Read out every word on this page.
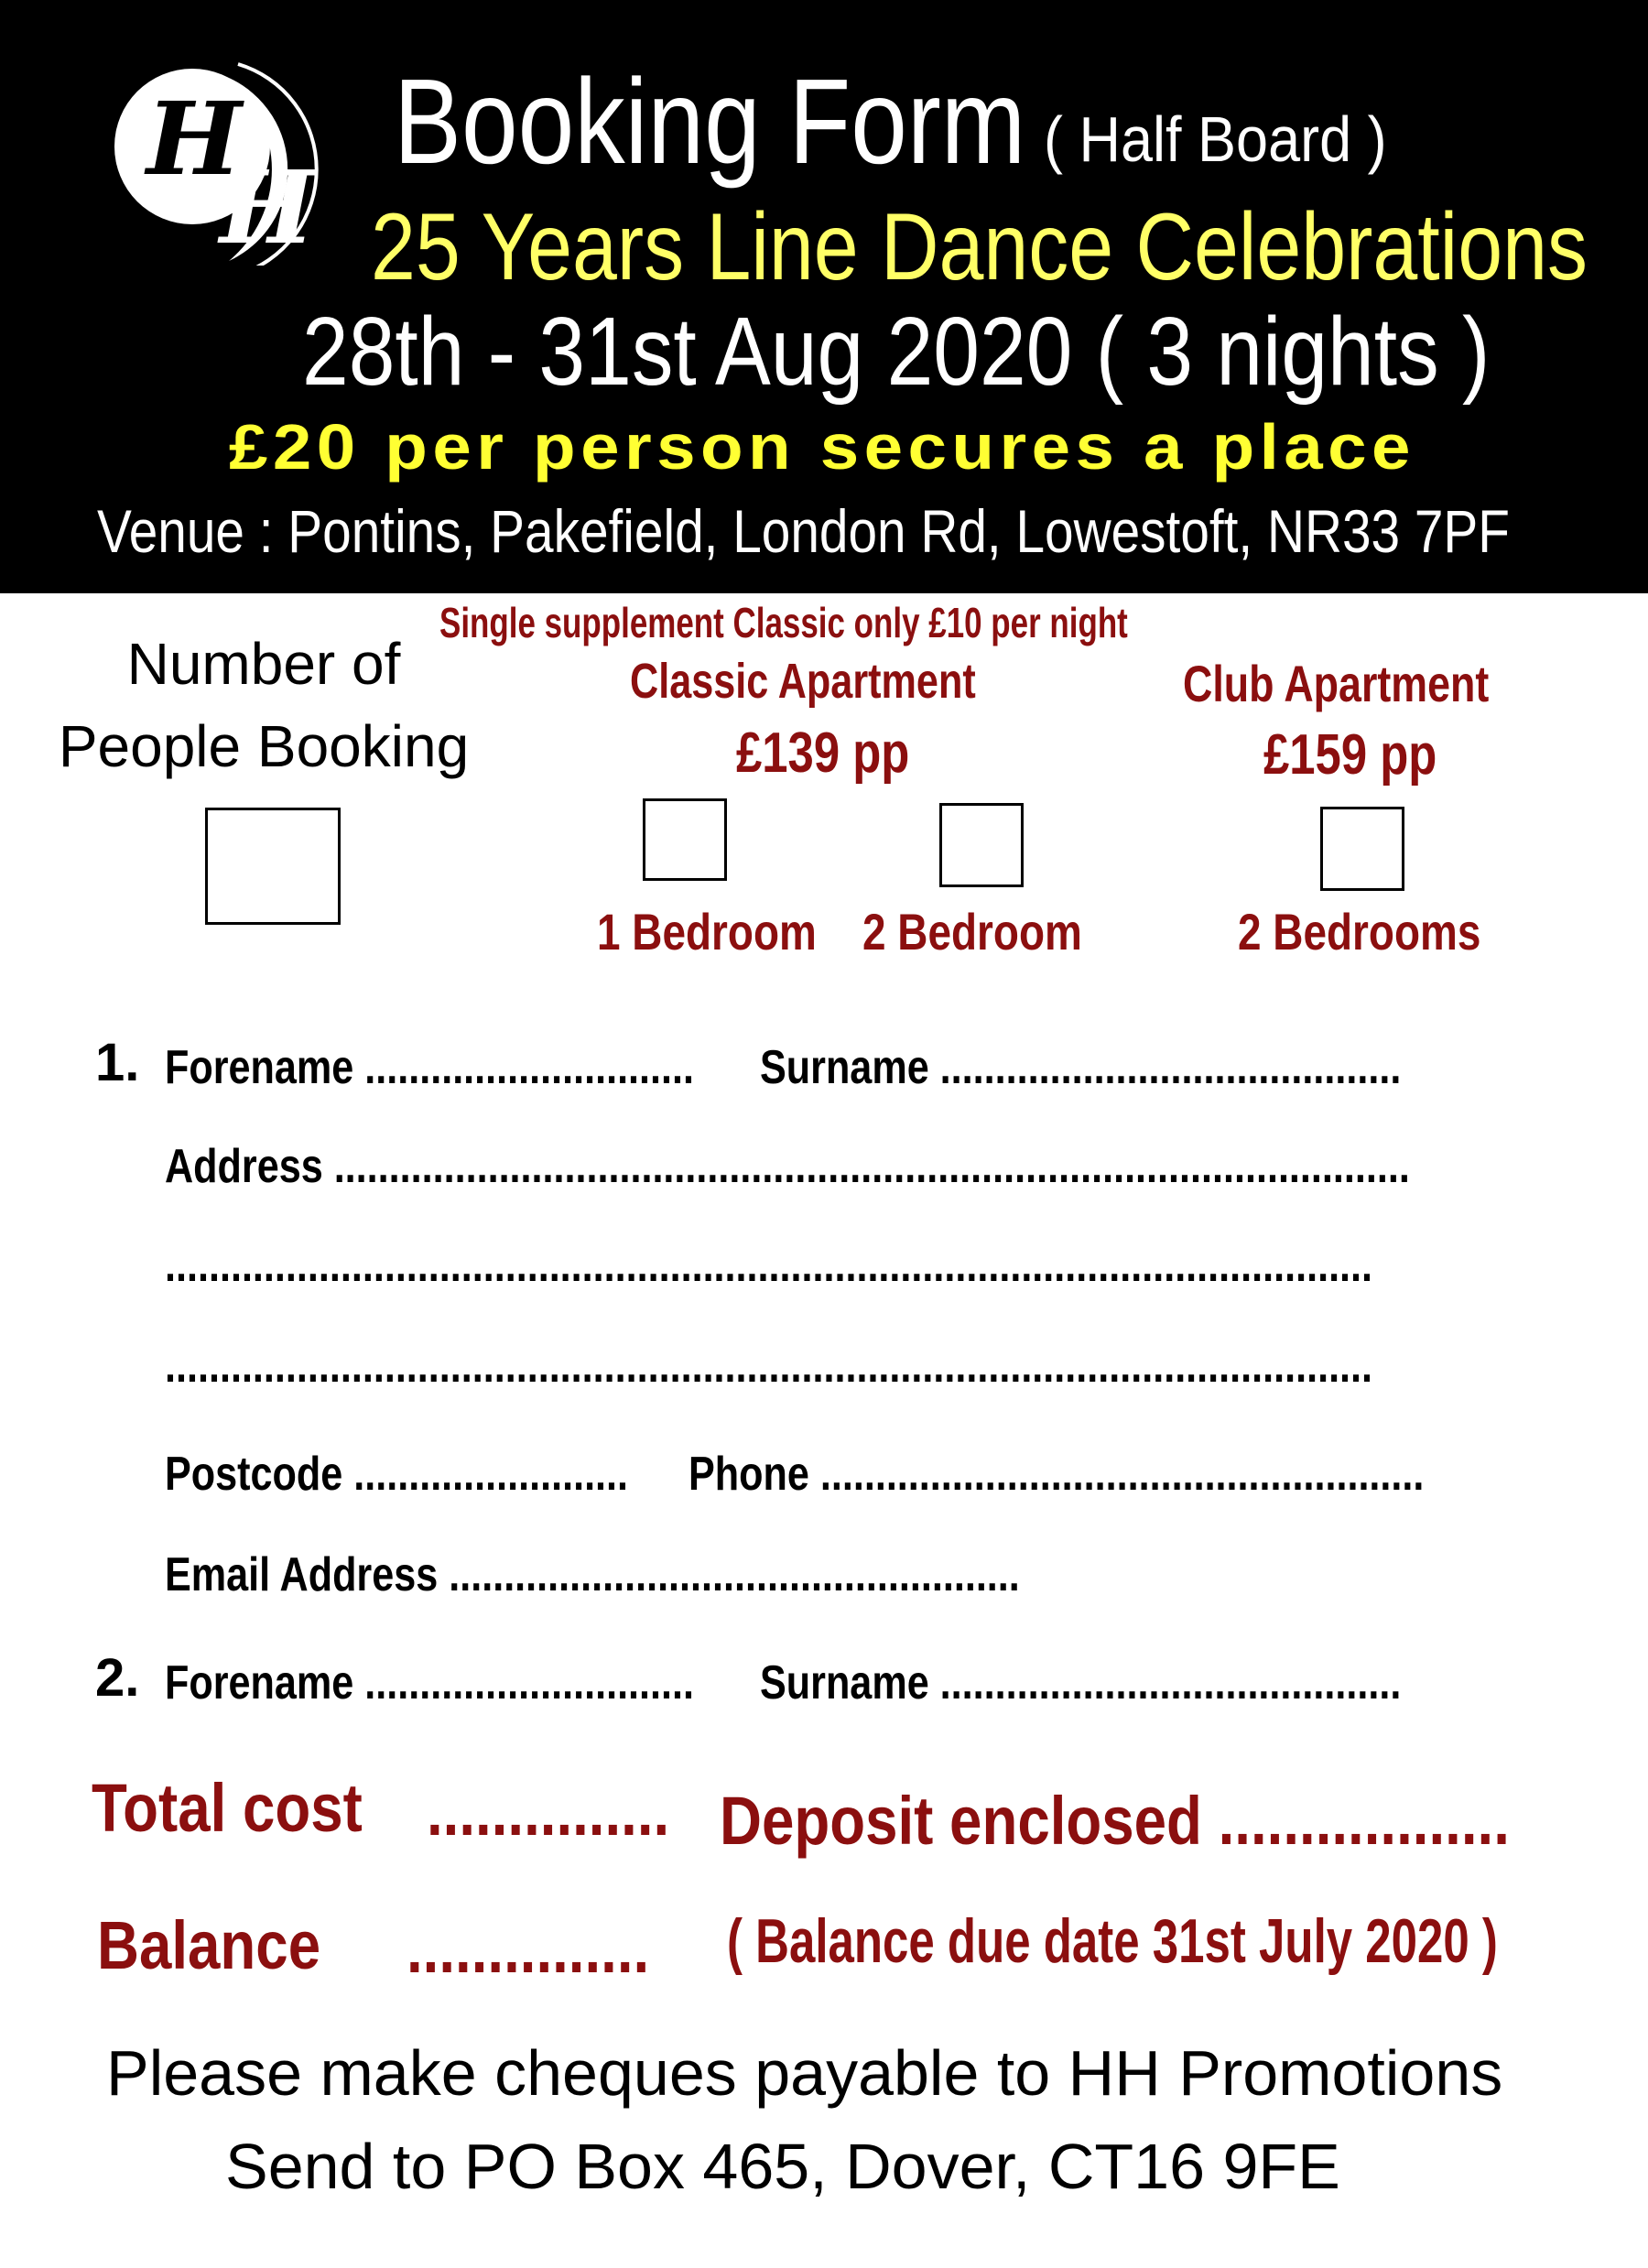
H
H
Booking Form ( Half Board )
25 Years Line Dance Celebrations
28th - 31st Aug 2020 ( 3 nights )
£20 per person secures a place
Venue : Pontins, Pakefield, London Rd, Lowestoft, NR33 7PF
Number of People Booking
Single supplement Classic only £10 per night
Classic Apartment
£139 pp
Club Apartment
£159 pp
1 Bedroom 2 Bedroom	2 Bedrooms
1. Forename .............................. Surname ..........................................
Address ..................................................................................................
..............................................................................................................
..............................................................................................................
Postcode ......................... Phone .......................................................
Email Address ....................................................
2. Forename .............................. Surname ..........................................
Total cost ............... Deposit enclosed ..................
Balance ............... ( Balance due date 31st July 2020 )
Please make cheques payable to HH Promotions
Send to PO Box 465, Dover, CT16 9FE
